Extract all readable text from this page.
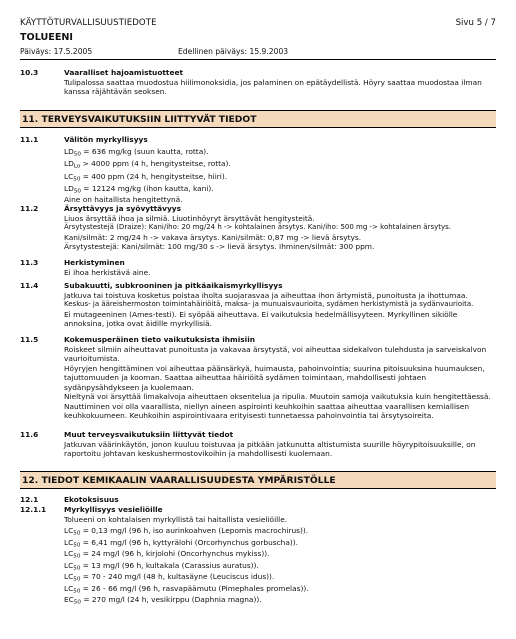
KÄYTTÖTURVALLISUUSTIEDOTE	Sivu 5 / 7
TOLUEENI
Päiväys: 17.5.2005	Edellinen päiväys: 15.9.2003
10.3	Vaaralliset hajoamistuotteet

Tulipalossa saattaa muodostua hiilimonoksidia, jos palaminen on epätäydellistä. Höyry saattaa muodostaa ilman kanssa räjähtävän seoksen.

11. TERVEYSVAIKUTUKSIIN LIITTYVÄT TIEDOT
11.1	Välitön myrkyllisyys

$LD_{50} = 636$ mg/kg (suun kautta, rotta).

$LD_{Lo} > 4000$ ppm (4 h, hengitysteitse, rotta).

$LC_{50} = 400$ ppm (24 h, hengitysteitse, hiiri).

$LD_{50} = 12124$ mg/kg (ihon kautta, kani).

Aine on haitallista hengitettynä.

11.2	Ärsyttävyys ja syövyttävyys

Liuos ärsyttää ihoa ja silmiä. Liuotinhöyryt ärsyttävät hengitysteitä.

Ärsytystestejä (Draize): Kani/iho: 20 mg/24 h -> kohtalainen ärsytys. Kani/iho: 500 mg -> kohtalainen ärsytys.

Kani/silmät: 2 mg/24 h -> vakava ärsytys. Kani/silmät: 0,87 mg -> lievä ärsytys.

Ärsytystestejä: Kani/silmät: 100 mg/30 s -> lievä ärsytys. Ihminen/silmät: 300 ppm.

11.3	Herkistyminen

Ei ihoa herkistävä aine.

11.4	Subakuutti, subkrooninen ja pitkäaikaismyrkyllisyys

Jatkuva tai toistuva kosketus poistaa iholta suojarasvaa ja aiheuttaa ihon ärtymistä, punoitusta ja ihottumaa.

Keskus- ja ääreishermoston toimintahäiriöitä, maksa- ja munuaisvaurioita, sydämen herkistymistä ja sydänvaurioita.

Ei mutageeninen (Ames-testi). Ei syöpää aiheuttava. Ei vaikutuksia hedelmällisyyteen. Myrkyllinen sikiölle annoksina, jotka ovat äidille myrkyllisiä.

11.5	Kokemusperäinen tieto vaikutuksista ihmisiin

Roiskeet silmiin aiheuttavat punoitusta ja vakavaa ärsytystä, voi aiheuttaa sidekalvon tulehdusta ja sarveiskalvon vaurioitumista.

Höyryjen hengittäminen voi aiheuttaa päänsärkyä, huimausta, pahoinvointia; suurina pitoisuuksina huumauksen, tajuttomuuden ja kooman. Saattaa aiheuttaa häiriöitä sydämen toimintaan, mahdollisesti johtaen sydänpysähdykseen ja kuolemaan.

Nieltynä voi ärsyttää limakalvoja aiheuttaen oksentelua ja ripulia. Muutoin samoja vaikutuksia kuin hengitettäessä. Nauttiminen voi olla vaarallista, niellyn aineen aspirointi keuhkoihin saattaa aiheuttaa vaarallisen kemiallisen keuhkokuumeen. Keuhkoihin aspirointivaara erityisesti tunnetaessa pahoinvointia tai ärsytysoireita.

11.6	Muut terveysvaikutuksiin liittyvät tiedot

Jatkuvan väärinkäytön, jonon kuuluu toistuvaa ja pitkään jatkunutta altistumista suurille höyrypitoisuuksille, on raportoitu johtavan keskushermostovikoihin ja mahdollisesti kuolemaan.

12. TIEDOT KEMIKAALIN VAARALLISUUDESTA YMPÄRISTÖLLE
12.1	Ekotoksisuus

12.1.1 Myrkyllisyys vesieliöille

Tolueeni on kohtalaisen myrkyllistä tai haitallista vesieliöille.

$LC_{50} = 0,13$ mg/l (96 h, iso aurinkoahven (Lepomis macrochirus)).

$LC_{50} = 6,41$ mg/l (96 h, kyttyrälohi (Orcorhynchus gorbuscha)).

$LC_{50} = 24$ mg/l (96 h, kirjolohi (Oncorhynchus mykiss)).

$LC_{50} = 13$ mg/l (96 h, kultakala (Carassius auratus)).

$LC_{50} = 70 - 240$ mg/l (48 h, kultasäyne (Leuciscus idus)).

$LC_{50} = 26 - 66$ mg/l (96 h, rasvapäämutu (Pimephales promelas)).

$EC_{50} = 270$ mg/l (24 h, vesikirppu (Daphnia magna)).
